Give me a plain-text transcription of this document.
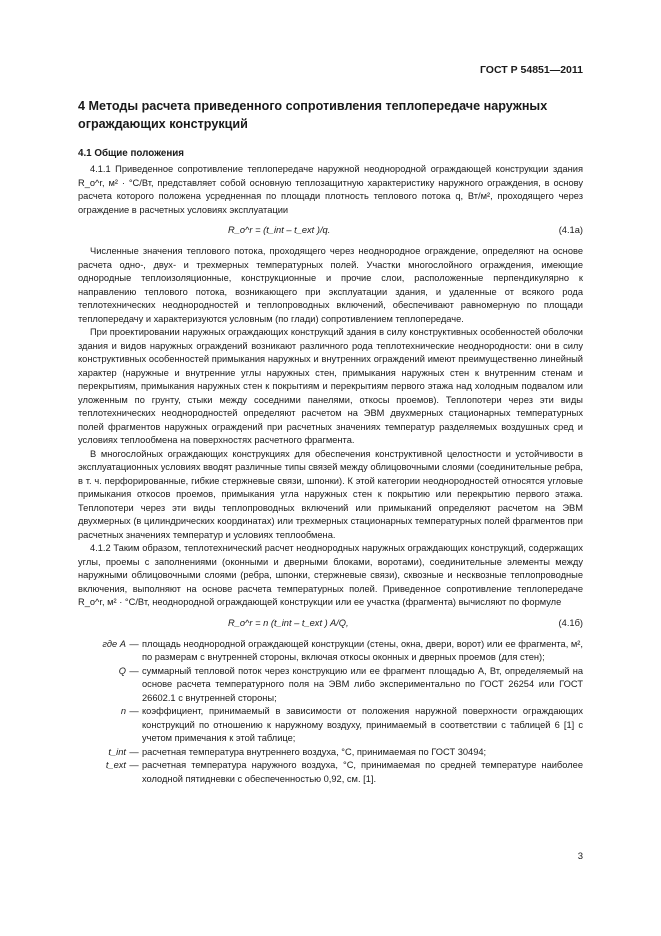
ГОСТ Р 54851—2011
4 Методы расчета приведенного сопротивления теплопередаче наружных ограждающих конструкций
4.1 Общие положения

4.1.1 Приведенное сопротивление теплопередаче наружной неоднородной ограждающей конструкции здания R_o^r, м² · °С/Вт, представляет собой основную теплозащитную характеристику наружного ограждения, в основу расчета которого положена усредненная по площади плотность теплового потока q, Вт/м², проходящего через ограждение в расчетных условиях эксплуатации

R_o^r = (t_int – t_ext )/q.	(4.1а)

Численные значения теплового потока, проходящего через неоднородное ограждение, определяют на основе расчета одно-, двух- и трехмерных температурных полей. Участки многослойного ограждения, имеющие однородные теплоизоляционные, конструкционные и прочие слои, расположенные перпендикулярно к направлению теплового потока, возникающего при эксплуатации здания, и удаленные от всякого рода теплотехнических неоднородностей и теплопроводных включений, обеспечивают равномерную по площади теплопередачу и характеризуются условным (по глади) сопротивлением теплопередаче.

При проектировании наружных ограждающих конструкций здания в силу конструктивных особенностей оболочки здания и видов наружных ограждений возникают различного рода теплотехнические неоднородности: они в силу конструктивных особенностей примыкания наружных и внутренних ограждений имеют преимущественно линейный характер (наружные и внутренние углы наружных стен, примыкания наружных стен к внутренним стенам и перекрытиям, примыкания наружных стен к покрытиям и перекрытиям первого этажа над холодным подвалом или уложенным по грунту, стыки между соседними панелями, откосы проемов). Теплопотери через эти виды теплотехнических неоднородностей определяют расчетом на ЭВМ двухмерных стационарных температурных полей фрагментов наружных ограждений при расчетных значениях температур разделяемых воздушных сред и условиях теплообмена на поверхностях расчетного фрагмента.

В многослойных ограждающих конструкциях для обеспечения конструктивной целостности и устойчивости в эксплуатационных условиях вводят различные типы связей между облицовочными слоями (соединительные ребра, в т. ч. перфорированные, гибкие стержневые связи, шпонки). К этой категории неоднородностей относятся угловые примыкания откосов проемов, примыкания угла наружных стен к покрытию или перекрытию первого этажа. Теплопотери через эти виды теплопроводных включений или примыканий определяют расчетом на ЭВМ двухмерных (в цилиндрических координатах) или трехмерных стационарных температурных полей фрагментов при расчетных значениях температур и условиях теплообмена.

4.1.2 Таким образом, теплотехнический расчет неоднородных наружных ограждающих конструкций, содержащих углы, проемы с заполнениями (оконными и дверными блоками, воротами), соединительные элементы между наружными облицовочными слоями (ребра, шпонки, стержневые связи), сквозные и несквозные теплопроводные включения, выполняют на основе расчета температурных полей. Приведенное сопротивление теплопередаче R_o^r, м² · °С/Вт, неоднородной ограждающей конструкции или ее участка (фрагмента) вычисляют по формуле

R_o^r = n (t_int – t_ext ) A/Q,	(4.1б)
где A — площадь неоднородной ограждающей конструкции (стены, окна, двери, ворот) или ее фрагмента, м², по размерам с внутренней стороны, включая откосы оконных и дверных проемов (для стен);
Q — суммарный тепловой поток через конструкцию или ее фрагмент площадью A, Вт, определяемый на основе расчета температурного поля на ЭВМ либо экспериментально по ГОСТ 26254 или ГОСТ 26602.1 с внутренней стороны;
n — коэффициент, принимаемый в зависимости от положения наружной поверхности ограждающих конструкций по отношению к наружному воздуху, принимаемый в соответствии с таблицей 6 [1] с учетом примечания к этой таблице;
t_int — расчетная температура внутреннего воздуха, °С, принимаемая по ГОСТ 30494;
t_ext — расчетная температура наружного воздуха, °С, принимаемая по средней температуре наиболее холодной пятидневки с обеспеченностью 0,92, см. [1].
3
